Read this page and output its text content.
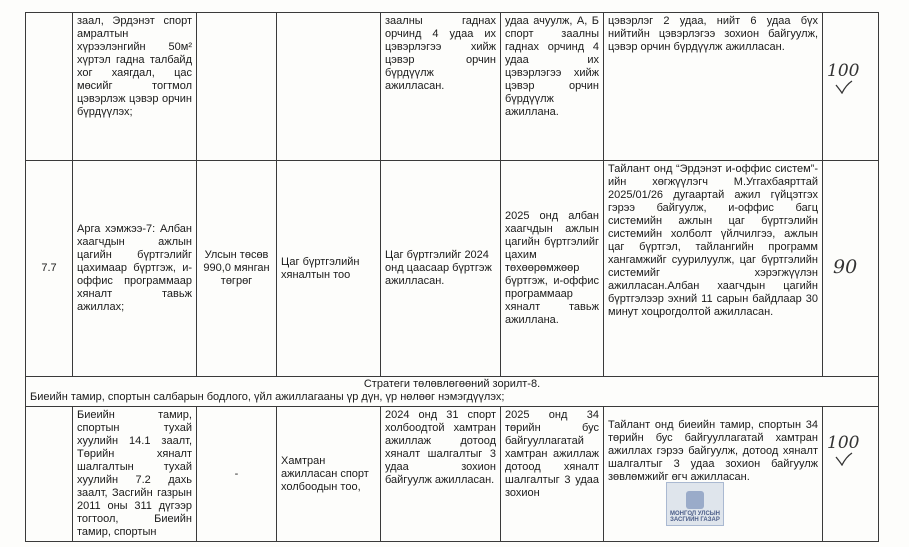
	заал, Эрдэнэт спорт амралтын хүрээлэнгийн 50м² хүртэл гадна талбайд хог хаягдал, цас мөсийг тогтмол цэвэрлэж цэвэр орчин бүрдүүлэх;			заалны гаднах орчинд 4 удаа их цэвэрлэгээ хийж цэвэр орчин бүрдүүлж ажилласан.	удаа ачуулж, А, Б спорт заалны гаднах орчинд 4 удаа их цэвэрлэгээ хийж цэвэр орчин бүрдүүлж ажиллана.	цэвэрлэг 2 удаа, нийт 6 удаа бүх нийтийн цэвэрлэгээ зохион байгуулж, цэвэр орчин бүрдүүлж ажилласан.	100

7.7	Арга хэмжээ-7: Албан хаагчдын ажлын цагийн бүртгэлийг цахимаар бүртгэж, и-оффис программаар хяналт тавьж ажиллах;	Улсын төсөв 990,0 мянган төгрөг	Цаг бүртгэлийн хяналтын тоо	Цаг бүртгэлийг 2024 онд цаасаар бүртгэж ажилласан.	2025 онд албан хаагчдын ажлын цагийн бүртгэлийг цахим төхөөрөмжөөр бүртгэж, и-оффис программаар хяналт тавьж ажиллана.	Тайлант онд “Эрдэнэт и-оффис систем”-ийн хөгжүүлэгч М.Уггахбаярттай 2025/01/26 дугаартай ажил гүйцэтгэх гэрээ байгуулж, и-оффис багц системийн ажлын цаг бүртгэлийн системийн холболт үйлчилгээ, ажлын цаг бүртгэл, тайлангийн программ хангамжийг суурилуулж, цаг бүртгэлийн системийг хэрэгжүүлэн ажилласан.Албан хаагчдын цагийн бүртгэлээр эхний 11 сарын байдлаар 30 минут хоцрогдолтой ажилласан.	90

Стратеги төлөвлөгөөний зорилт-8.
Биеийн тамир, спортын салбарын бодлого, үйл ажиллагааны үр дүн, үр нөлөөг нэмэгдүүлэх;							
	Биеийн тамир, спортын тухай хуулийн 14.1 заалт, Төрийн хяналт шалгалтын тухай хуулийн 7.2 дахь заалт, Засгийн газрын 2011 оны 311 дүгээр тогтоол, Биеийн тамир, спортын	-	Хамтран ажилласан спорт холбоодын тоо,	2024 онд 31 спорт холбоодтой хамтран ажиллаж дотоод хяналт шалгалтыг 3 удаа зохион байгуулж ажилласан.	2025 онд 34 төрийн бус байгууллагатай хамтран ажиллаж дотоод хяналт шалгалтыг 3 удаа зохион	Тайлант онд биеийн тамир, спортын 34 төрийн бус байгууллагатай хамтран ажиллах гэрээ байгуулж, дотоод хяналт шалгалтыг 3 удаа зохион байгуулж зөвлөмжийг өгч ажилласан.	100
МОНГОЛ УЛСЫН
ЗАСГИЙН ГАЗАР
